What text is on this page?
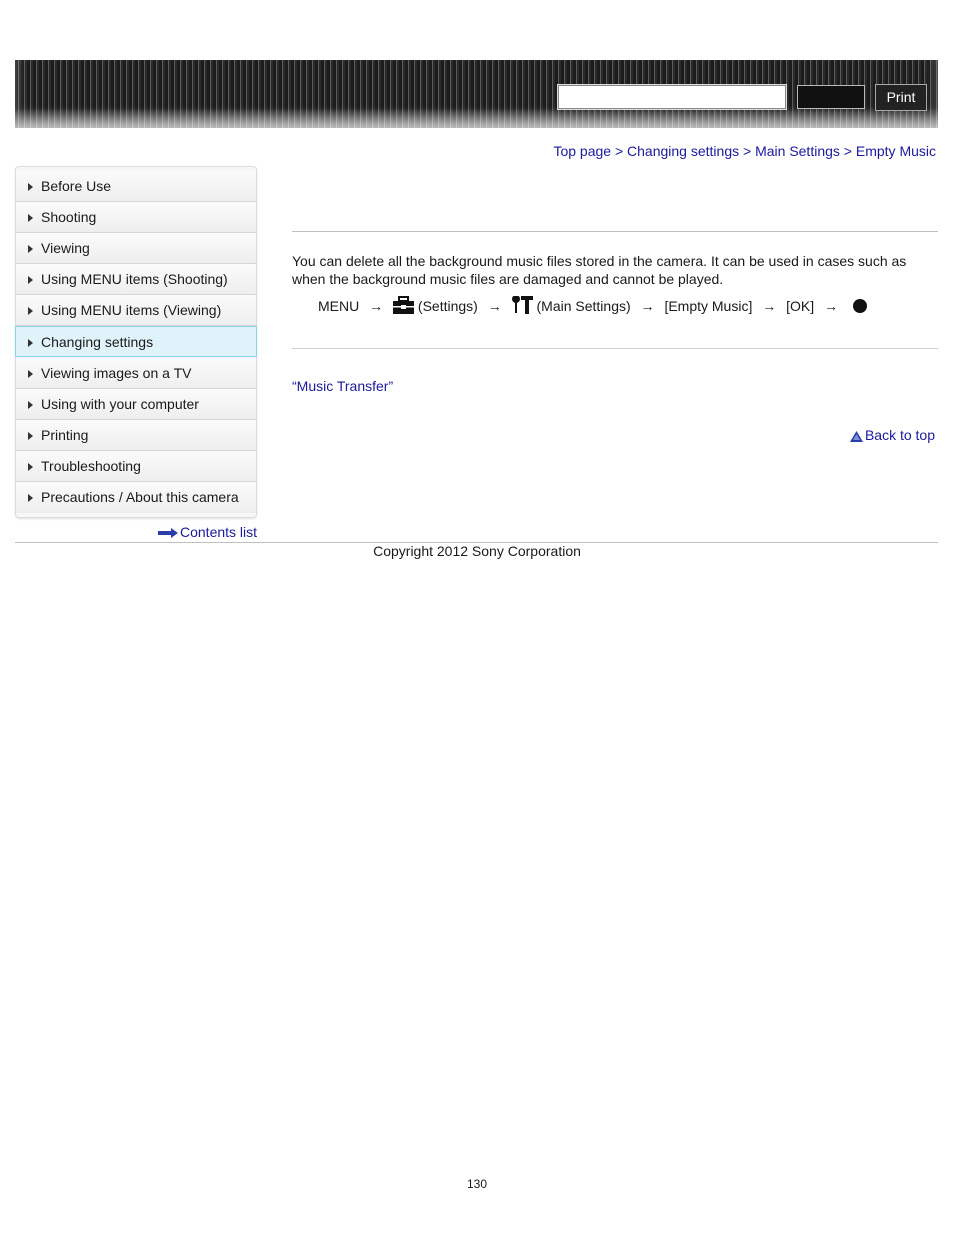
Print
Top page > Changing settings > Main Settings > Empty Music
Before Use
Shooting
Viewing
Using MENU items (Shooting)
Using MENU items (Viewing)
Changing settings
Viewing images on a TV
Using with your computer
Printing
Troubleshooting
Precautions / About this camera
Contents list
You can delete all the background music files stored in the camera. It can be used in cases such as when the background music files are damaged and cannot be played.
MENU → (Settings) → (Main Settings) → [Empty Music] → [OK] →
“Music Transfer”
Back to top
Copyright 2012 Sony Corporation
130
